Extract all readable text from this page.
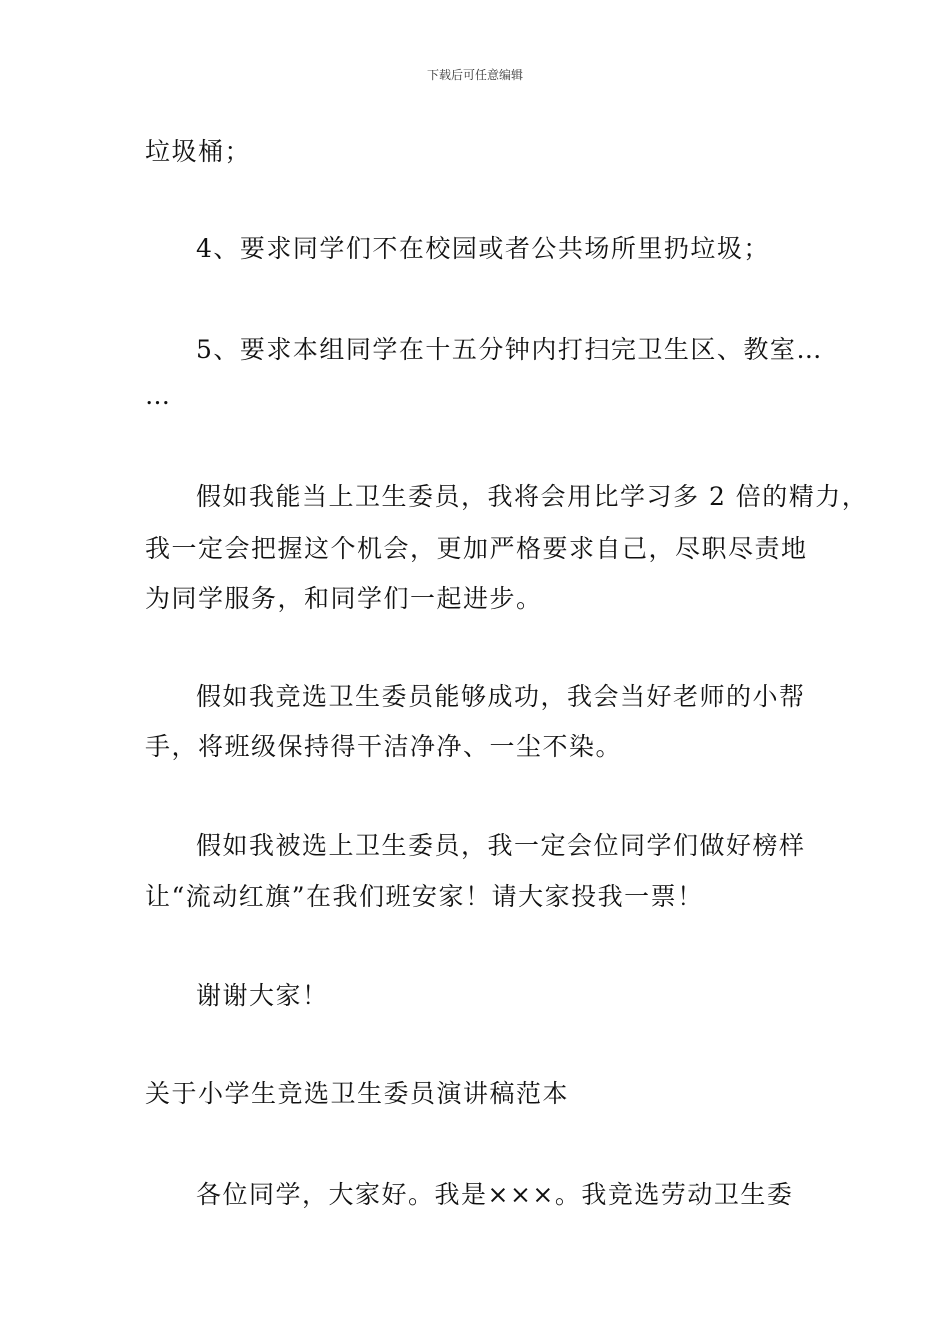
下载后可任意编辑
垃圾桶；
4、要求同学们不在校园或者公共场所里扔垃圾；
5、要求本组同学在十五分钟内打扫完卫生区、教室…
…
假如我能当上卫生委员，我将会用比学习多 2 倍的精力，
我一定会把握这个机会，更加严格要求自己，尽职尽责地
为同学服务，和同学们一起进步。
假如我竞选卫生委员能够成功，我会当好老师的小帮
手，将班级保持得干洁净净、一尘不染。
假如我被选上卫生委员，我一定会位同学们做好榜样
让“流动红旗”在我们班安家！请大家投我一票！
谢谢大家！
关于小学生竞选卫生委员演讲稿范本
各位同学，大家好。我是×××。我竞选劳动卫生委
